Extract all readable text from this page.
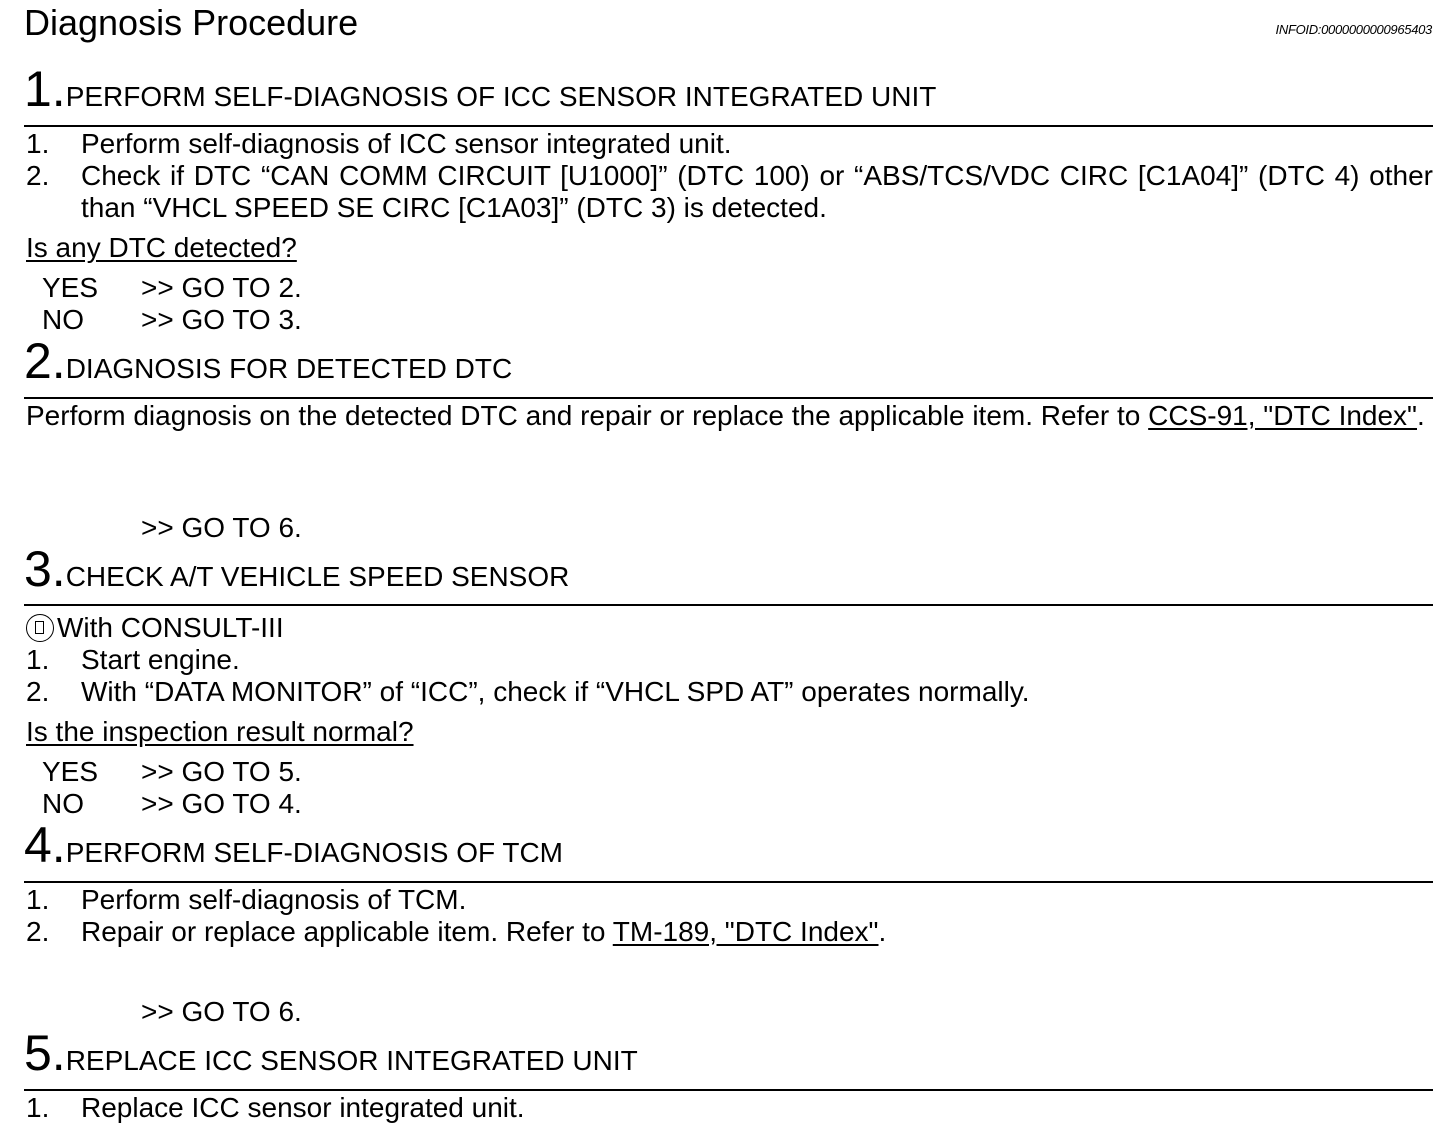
Diagnosis Procedure	INFOID:0000000000965403
1.PERFORM SELF-DIAGNOSIS OF ICC SENSOR INTEGRATED UNIT
1. Perform self-diagnosis of ICC sensor integrated unit.
2. Check if DTC “CAN COMM CIRCUIT [U1000]” (DTC 100) or “ABS/TCS/VDC CIRC [C1A04]” (DTC 4) other than “VHCL SPEED SE CIRC [C1A03]” (DTC 3) is detected.
Is any DTC detected?
YES >> GO TO 2.
NO >> GO TO 3.
2.DIAGNOSIS FOR DETECTED DTC
Perform diagnosis on the detected DTC and repair or replace the applicable item. Refer to CCS-91, "DTC Index".
>> GO TO 6.
3.CHECK A/T VEHICLE SPEED SENSOR
With CONSULT-III
1. Start engine.
2. With “DATA MONITOR” of “ICC”, check if “VHCL SPD AT” operates normally.
Is the inspection result normal?
YES >> GO TO 5.
NO >> GO TO 4.
4.PERFORM SELF-DIAGNOSIS OF TCM
1. Perform self-diagnosis of TCM.
2. Repair or replace applicable item. Refer to TM-189, "DTC Index".
>> GO TO 6.
5.REPLACE ICC SENSOR INTEGRATED UNIT
1. Replace ICC sensor integrated unit.
